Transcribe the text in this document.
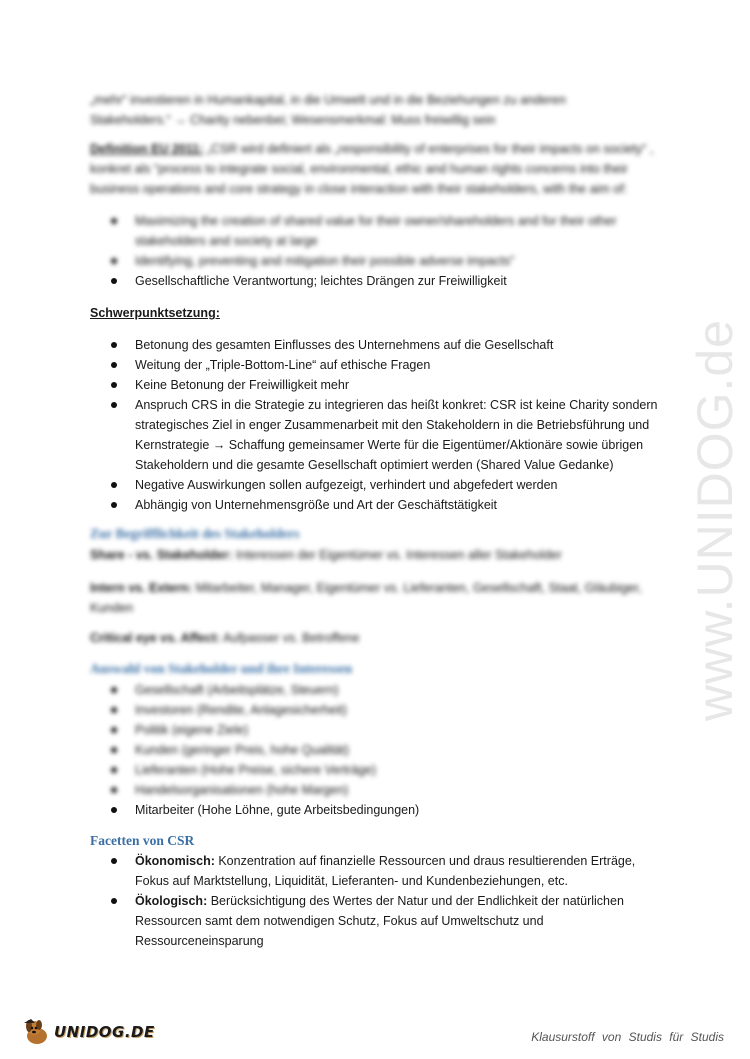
www.UNIDOG.de
„mehr“ investieren in Humankapital, in die Umwelt und in die Beziehungen zu anderen
Stakeholders.“ → Charity nebenbei; Wesensmerkmal: Muss freiwillig sein
Definition EU 2011: „CSR wird definiert als „responsibility of enterprises for their impacts on society“ ,
konkret als “process to integrate social, environmental, ethic and human rights concerns into their
business operations and core strategy in close interaction with their stakeholders, with the aim of:
Maximizing the creation of shared value for their owner/shareholders and for their other stakeholders and society at large
Identifying, preventing and mitigation their possible adverse impacts”
Gesellschaftliche Verantwortung; leichtes Drängen zur Freiwilligkeit
Schwerpunktsetzung:
Betonung des gesamten Einflusses des Unternehmens auf die Gesellschaft
Weitung der „Triple-Bottom-Line“ auf ethische Fragen
Keine Betonung der Freiwilligkeit mehr
Anspruch CRS in die Strategie zu integrieren das heißt konkret: CSR ist keine Charity sondern strategisches Ziel in enger Zusammenarbeit mit den Stakeholdern in die Betriebsführung und Kernstrategie → Schaffung gemeinsamer Werte für die Eigentümer/Aktionäre sowie übrigen Stakeholdern und die gesamte Gesellschaft optimiert werden (Shared Value Gedanke)
Negative Auswirkungen sollen aufgezeigt, verhindert und abgefedert werden
Abhängig von Unternehmensgröße und Art der Geschäftstätigkeit
Zur Begrifflichkeit des Stakeholders
Share - vs. Stakeholder: Interessen der Eigentümer vs. Interessen aller Stakeholder
Intern vs. Extern: Mitarbeiter, Manager, Eigentümer vs. Lieferanten, Gesellschaft, Staat, Gläubiger,
Kunden
Critical eye vs. Affect: Aufpasser vs. Betroffene
Auswahl von Stakeholder und ihre Interessen
Gesellschaft (Arbeitsplätze, Steuern)
Investoren (Rendite, Anlagesicherheit)
Politik (eigene Ziele)
Kunden (geringer Preis, hohe Qualität)
Lieferanten (Hohe Preise, sichere Verträge)
Handelsorganisationen (hohe Margen)
Mitarbeiter (Hohe Löhne, gute Arbeitsbedingungen)
Facetten von CSR
Ökonomisch: Konzentration auf finanzielle Ressourcen und draus resultierenden Erträge, Fokus auf Marktstellung, Liquidität, Lieferanten- und Kundenbeziehungen, etc.
Ökologisch: Berücksichtigung des Wertes der Natur und der Endlichkeit der natürlichen Ressourcen samt dem notwendigen Schutz, Fokus auf Umweltschutz und Ressourceneinsparung
UNIDOG.DE	Klausurstoff von Studis für Studis
